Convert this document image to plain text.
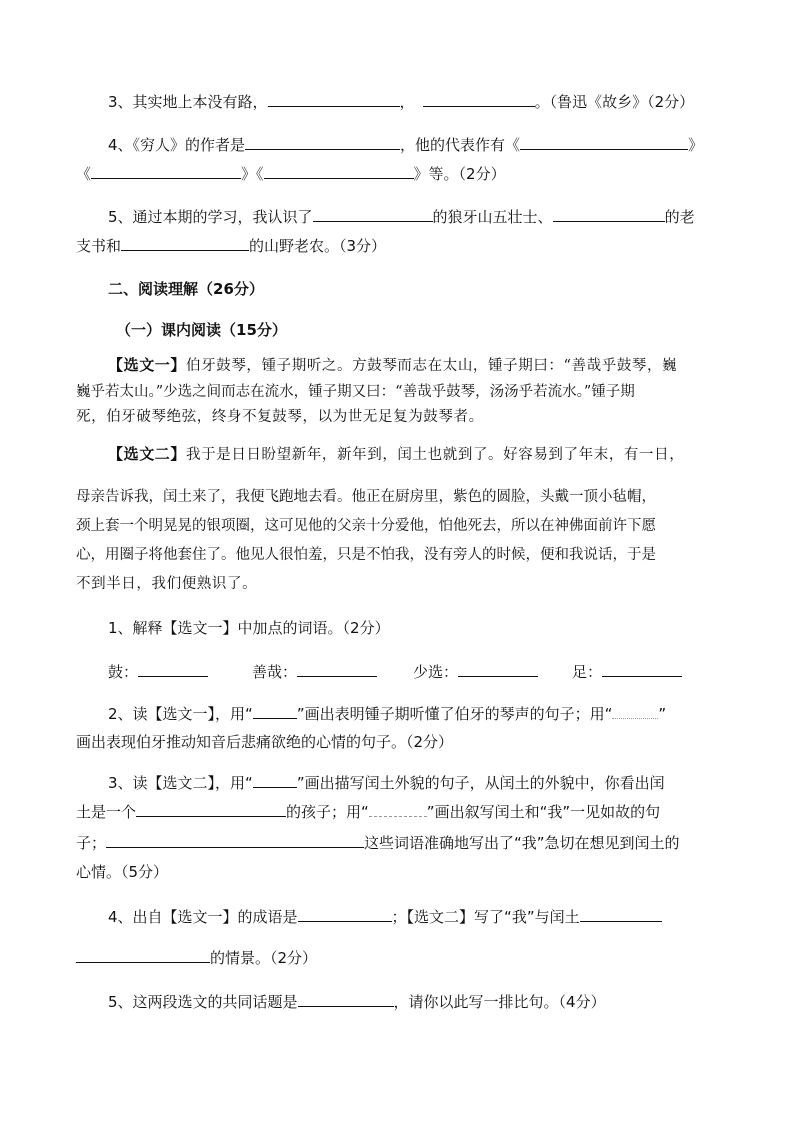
3、其实地上本没有路，	，	。（鲁迅《故乡》（2分）
4、《穷人》的作者是	，他的代表作有《	》
《	》《	》等。（2分）
5、通过本期的学习，我认识了	的狼牙山五壮士、	的老
支书和	的山野老农。（3分）
二、阅读理解（26分）
（一）课内阅读（15分）
【选文一】伯牙鼓琴，锺子期听之。方鼓琴而志在太山，锺子期曰：“善哉乎鼓琴，巍
巍乎若太山。”少选之间而志在流水，锺子期又曰：“善哉乎鼓琴，汤汤乎若流水。”锺子期
死，伯牙破琴绝弦，终身不复鼓琴，以为世无足复为鼓琴者。
【选文二】我于是日日盼望新年，新年到，闰土也就到了。好容易到了年末，有一日，
母亲告诉我，闰土来了，我便飞跑地去看。他正在厨房里，紫色的圆脸，头戴一顶小毡帽，
颈上套一个明晃晃的银项圈，这可见他的父亲十分爱他，怕他死去，所以在神佛面前许下愿
心，用圈子将他套住了。他见人很怕羞，只是不怕我，没有旁人的时候，便和我说话，于是
不到半日，我们便熟识了。
1、解释【选文一】中加点的词语。（2分）
鼓：	善哉：	少选：	足：
2、读【选文一】，用“	”画出表明锺子期听懂了伯牙的琴声的句子；用“	”
画出表现伯牙推动知音后悲痛欲绝的心情的句子。（2分）
3、读【选文二】，用“	”画出描写闰土外貌的句子，从闰土的外貌中，你看出闰
土是一个	的孩子；用“	”画出叙写闰土和“我”一见如故的句
子；	这些词语准确地写出了“我”急切在想见到闰土的
心情。（5分）
4、出自【选文一】的成语是	；【选文二】写了“我”与闰土
的情景。（2分）
5、这两段选文的共同话题是	，请你以此写一排比句。（4分）
